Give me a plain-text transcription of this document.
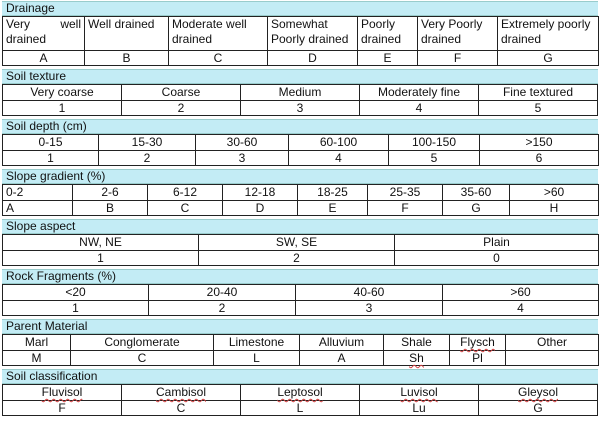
Drainage
Very well drained	Well drained	Moderate well drained	Somewhat Poorly drained	Poorly drained	Very Poorly drained	Extremely poorly drained
A	B	C	D	E	F	G
Soil texture
Very coarse	Coarse	Medium	Moderately fine	Fine textured
1	2	3	4	5
Soil depth (cm)
0-15	15-30	30-60	60-100	100-150	>150
1	2	3	4	5	6
Slope gradient (%)
0-2	2-6	6-12	12-18	18-25	25-35	35-60	>60
A	B	C	D	E	F	G	H
Slope aspect
NW, NE	SW, SE	Plain
1	2	0
Rock Fragments (%)
<20	20-40	40-60	>60
1	2	3	4
Parent Material
Marl	Conglomerate	Limestone	Alluvium	Shale	Flysch	Other
M	C	L	A	Sh	Pl	
Soil classification
Fluvisol	Cambisol	Leptosol	Luvisol	Gleysol
F	C	L	Lu	G
